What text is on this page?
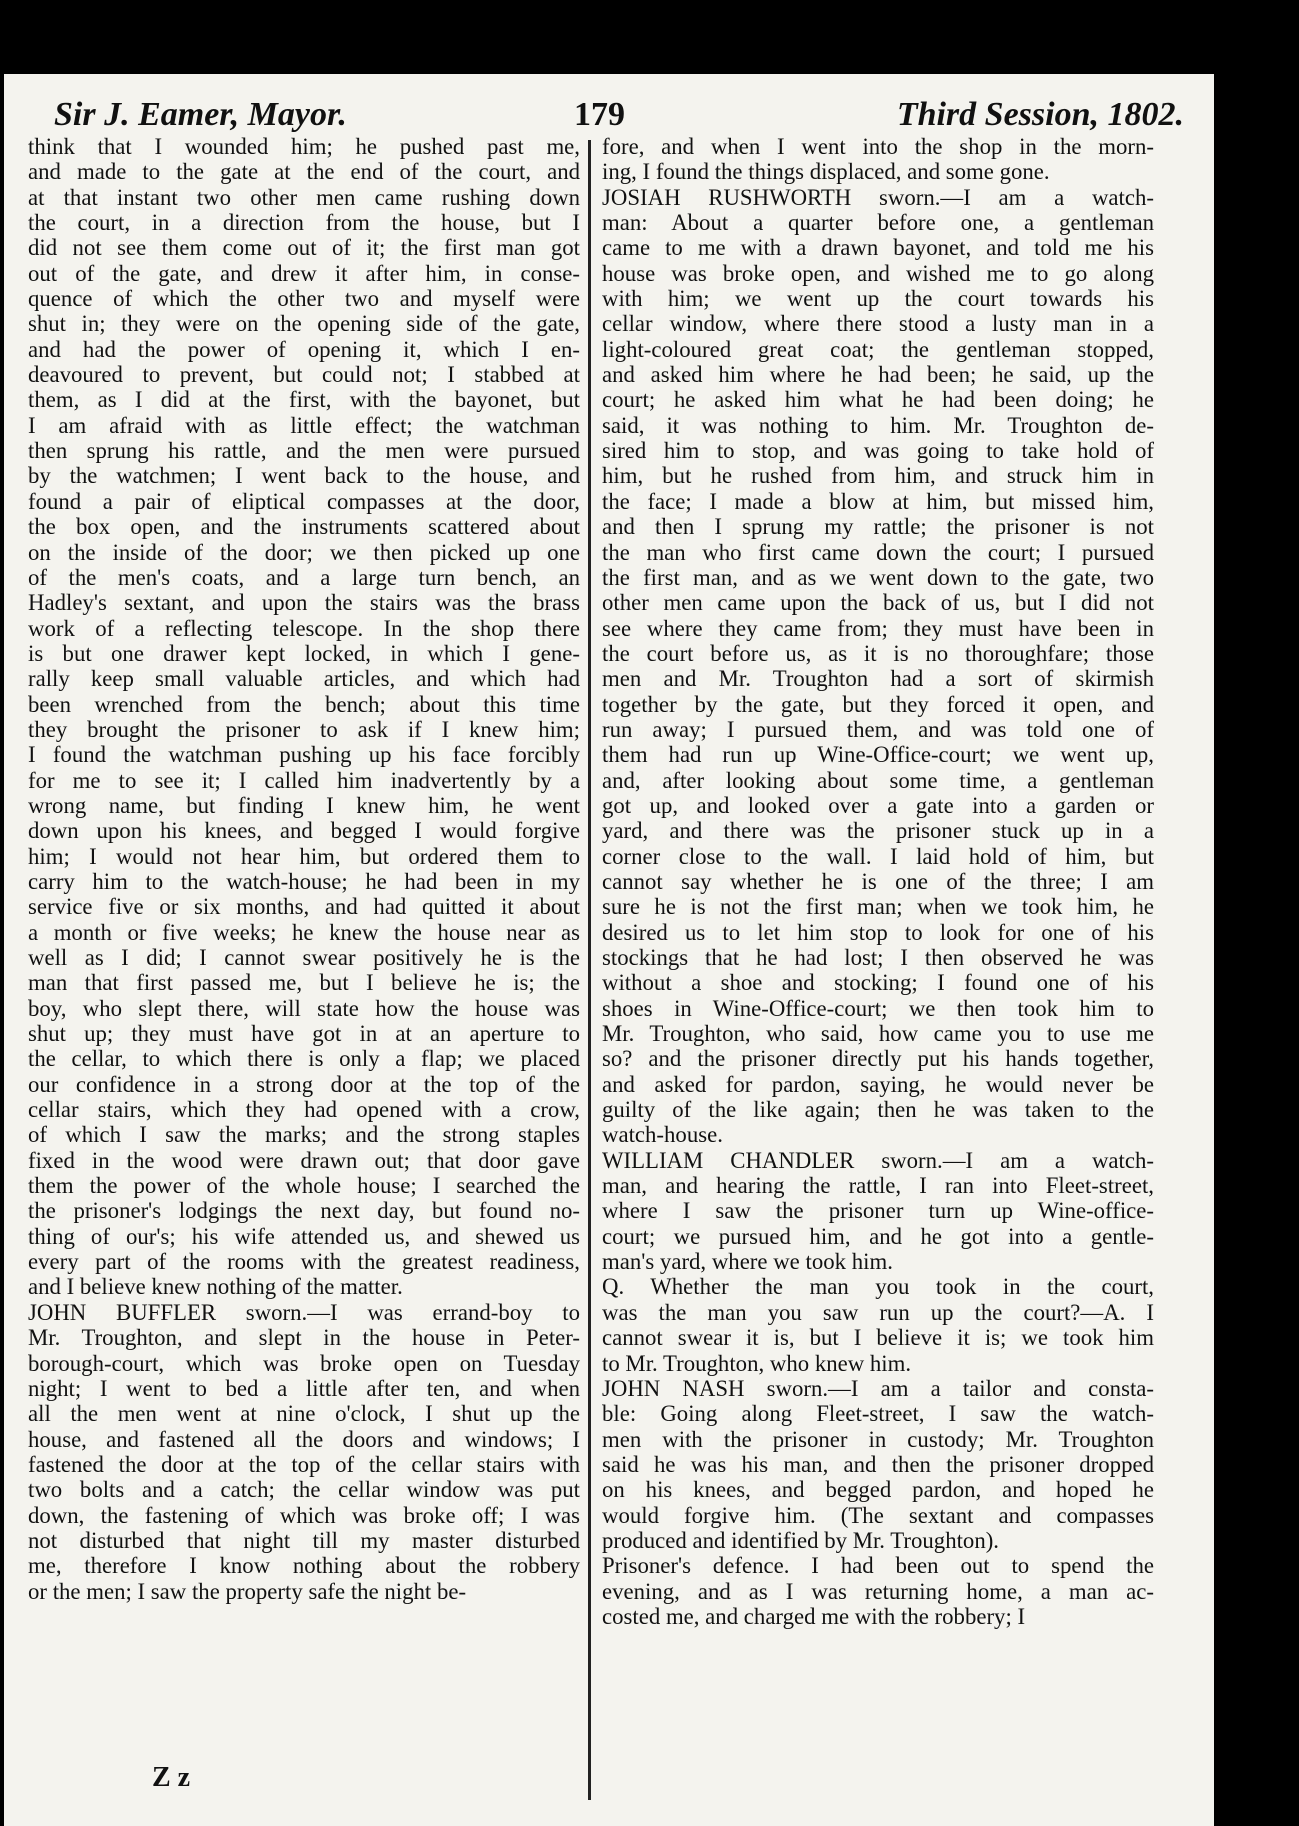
Sir J. Eamer, Mayor.	179	Third Session, 1802.
think that I wounded him; he pushed past me,
and made to the gate at the end of the court, and
at that instant two other men came rushing down
the court, in a direction from the house, but I
did not see them come out of it; the first man got
out of the gate, and drew it after him, in conse-
quence of which the other two and myself were
shut in; they were on the opening side of the gate,
and had the power of opening it, which I en-
deavoured to prevent, but could not; I stabbed at
them, as I did at the first, with the bayonet, but
I am afraid with as little effect; the watchman
then sprung his rattle, and the men were pursued
by the watchmen; I went back to the house, and
found a pair of eliptical compasses at the door,
the box open, and the instruments scattered about
on the inside of the door; we then picked up one
of the men's coats, and a large turn bench, an
Hadley's sextant, and upon the stairs was the brass
work of a reflecting telescope. In the shop there
is but one drawer kept locked, in which I gene-
rally keep small valuable articles, and which had
been wrenched from the bench; about this time
they brought the prisoner to ask if I knew him;
I found the watchman pushing up his face forcibly
for me to see it; I called him inadvertently by a
wrong name, but finding I knew him, he went
down upon his knees, and begged I would forgive
him; I would not hear him, but ordered them to
carry him to the watch-house; he had been in my
service five or six months, and had quitted it about
a month or five weeks; he knew the house near as
well as I did; I cannot swear positively he is the
man that first passed me, but I believe he is; the
boy, who slept there, will state how the house was
shut up; they must have got in at an aperture to
the cellar, to which there is only a flap; we placed
our confidence in a strong door at the top of the
cellar stairs, which they had opened with a crow,
of which I saw the marks; and the strong staples
fixed in the wood were drawn out; that door gave
them the power of the whole house; I searched the
the prisoner's lodgings the next day, but found no-
thing of our's; his wife attended us, and shewed us
every part of the rooms with the greatest readiness,
and I believe knew nothing of the matter.
JOHN BUFFLER sworn.—I was errand-boy to
Mr. Troughton, and slept in the house in Peter-
borough-court, which was broke open on Tuesday
night; I went to bed a little after ten, and when
all the men went at nine o'clock, I shut up the
house, and fastened all the doors and windows; I
fastened the door at the top of the cellar stairs with
two bolts and a catch; the cellar window was put
down, the fastening of which was broke off; I was
not disturbed that night till my master disturbed
me, therefore I know nothing about the robbery
or the men; I saw the property safe the night be-
fore, and when I went into the shop in the morn-
ing, I found the things displaced, and some gone.
JOSIAH RUSHWORTH sworn.—I am a watch-
man: About a quarter before one, a gentleman
came to me with a drawn bayonet, and told me his
house was broke open, and wished me to go along
with him; we went up the court towards his
cellar window, where there stood a lusty man in a
light-coloured great coat; the gentleman stopped,
and asked him where he had been; he said, up the
court; he asked him what he had been doing; he
said, it was nothing to him. Mr. Troughton de-
sired him to stop, and was going to take hold of
him, but he rushed from him, and struck him in
the face; I made a blow at him, but missed him,
and then I sprung my rattle; the prisoner is not
the man who first came down the court; I pursued
the first man, and as we went down to the gate, two
other men came upon the back of us, but I did not
see where they came from; they must have been in
the court before us, as it is no thoroughfare; those
men and Mr. Troughton had a sort of skirmish
together by the gate, but they forced it open, and
run away; I pursued them, and was told one of
them had run up Wine-Office-court; we went up,
and, after looking about some time, a gentleman
got up, and looked over a gate into a garden or
yard, and there was the prisoner stuck up in a
corner close to the wall. I laid hold of him, but
cannot say whether he is one of the three; I am
sure he is not the first man; when we took him, he
desired us to let him stop to look for one of his
stockings that he had lost; I then observed he was
without a shoe and stocking; I found one of his
shoes in Wine-Office-court; we then took him to
Mr. Troughton, who said, how came you to use me
so? and the prisoner directly put his hands together,
and asked for pardon, saying, he would never be
guilty of the like again; then he was taken to the
watch-house.
WILLIAM CHANDLER sworn.—I am a watch-
man, and hearing the rattle, I ran into Fleet-street,
where I saw the prisoner turn up Wine-office-
court; we pursued him, and he got into a gentle-
man's yard, where we took him.
Q. Whether the man you took in the court,
was the man you saw run up the court?—A. I
cannot swear it is, but I believe it is; we took him
to Mr. Troughton, who knew him.
JOHN NASH sworn.—I am a tailor and consta-
ble: Going along Fleet-street, I saw the watch-
men with the prisoner in custody; Mr. Troughton
said he was his man, and then the prisoner dropped
on his knees, and begged pardon, and hoped he
would forgive him. (The sextant and compasses
produced and identified by Mr. Troughton).
Prisoner's defence. I had been out to spend the
evening, and as I was returning home, a man ac-
costed me, and charged me with the robbery; I
Z z
